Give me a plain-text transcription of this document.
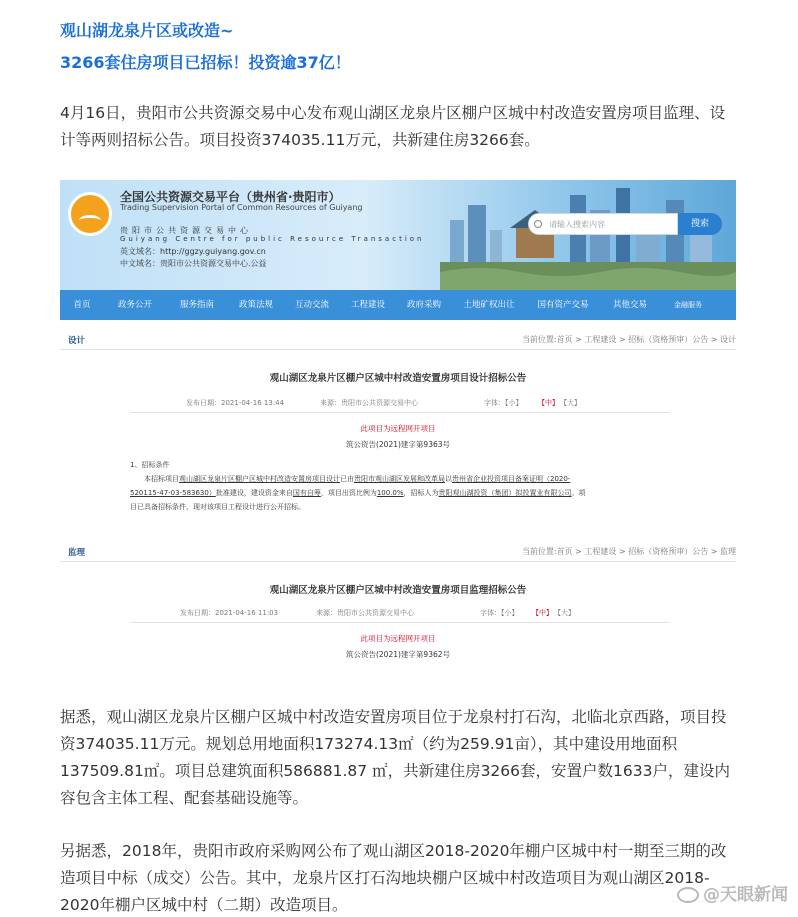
观山湖龙泉片区或改造~
3266套住房项目已招标！投资逾37亿！

4月16日，贵阳市公共资源交易中心发布观山湖区龙泉片区棚户区城中村改造安置房项目监理、设计等两则招标公告。项目投资374035.11万元，共新建住房3266套。

全国公共资源交易平台（贵州省·贵阳市）
Trading Supervision Portal of Common Resources of Guiyang
贵阳市公共资源交易中心
Guiyang Centre for public Resource Transaction
英文域名：http://ggzy.guiyang.gov.cn
中文域名：贵阳市公共资源交易中心.公益
请输入搜索内容	搜索
首页	政务公开	服务指南	政策法规	互动交流	工程建设	政府采购	土地矿权出让	国有资产交易	其他交易	金融服务
设计	当前位置:首页 > 工程建设 > 招标（资格预审）公告 > 设计
观山湖区龙泉片区棚户区城中村改造安置房项目设计招标公告
发布日期：2021-04-16 13:44	来源：贵阳市公共资源交易中心	字体：【小】 【中】 【大】
此项目为远程网开项目
筑公资告(2021)建字第9363号
1、招标条件
本招标项目观山湖区龙泉片区棚户区城中村改造安置房项目设计已由贵阳市观山湖区发展和改革局以贵州省企业投资项目备案证明（2020-
520115-47-03-583630）批准建设，建设资金来自国有自筹，项目出资比例为100.0%，招标人为贵阳观山湖投资（集团）拟投置业有限公司。项
目已具备招标条件，现对该项目工程设计进行公开招标。
监理	当前位置:首页 > 工程建设 > 招标（资格预审）公告 > 监理
观山湖区龙泉片区棚户区城中村改造安置房项目监理招标公告
发布日期：2021-04-16 11:03	来源：贵阳市公共资源交易中心	字体：【小】 【中】 【大】
此项目为远程网开项目
筑公资告(2021)建字第9362号

据悉，观山湖区龙泉片区棚户区城中村改造安置房项目位于龙泉村打石沟，北临北京西路，项目投资374035.11万元。规划总用地面积173274.13㎡（约为259.91亩），其中建设用地面积137509.81㎡。项目总建筑面积586881.87 ㎡，共新建住房3266套，安置户数1633户，建设内容包含主体工程、配套基础设施等。

另据悉，2018年，贵阳市政府采购网公布了观山湖区2018-2020年棚户区城中村一期至三期的改造项目中标（成交）公告。其中，龙泉片区打石沟地块棚户区城中村改造项目为观山湖区2018-2020年棚户区城中村（二期）改造项目。	@天眼新闻
